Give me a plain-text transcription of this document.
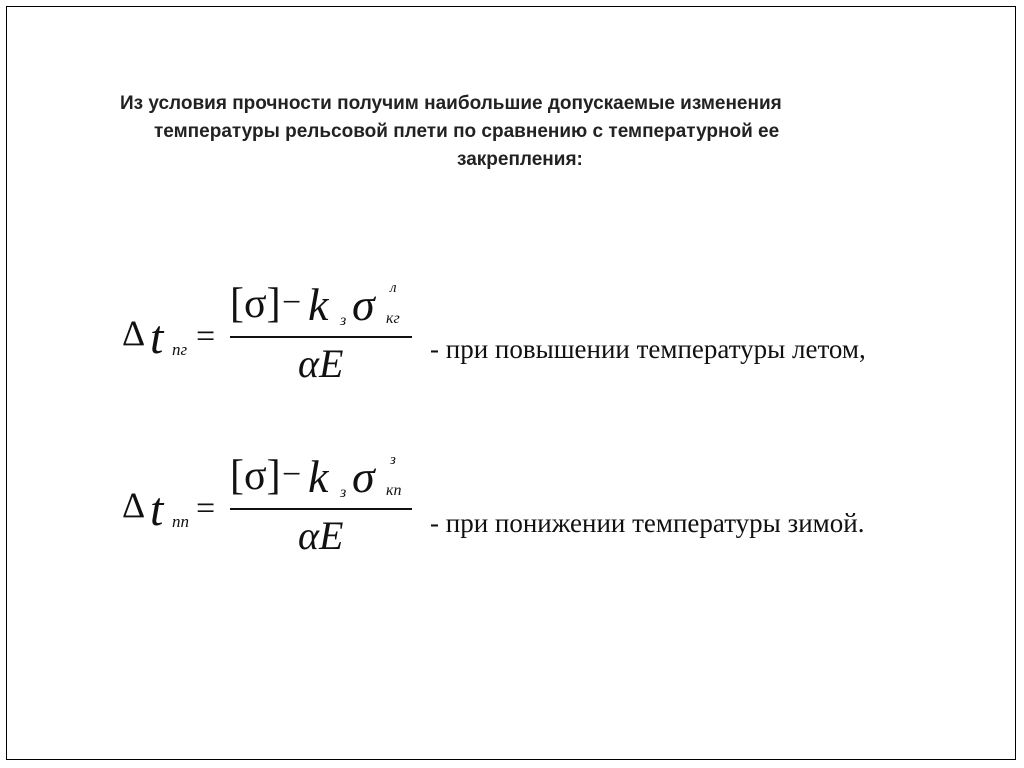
Из условия прочности получим наибольшие допускаемые изменения
температуры рельсовой плети по сравнению с температурной ее
закрепления:
Δ t пг =
[σ] − k з σ л
кг
αE	- при повышении температуры летом,
Δ t пп =
[σ] − k з σ з
кп
αE	- при понижении температуры зимой.
